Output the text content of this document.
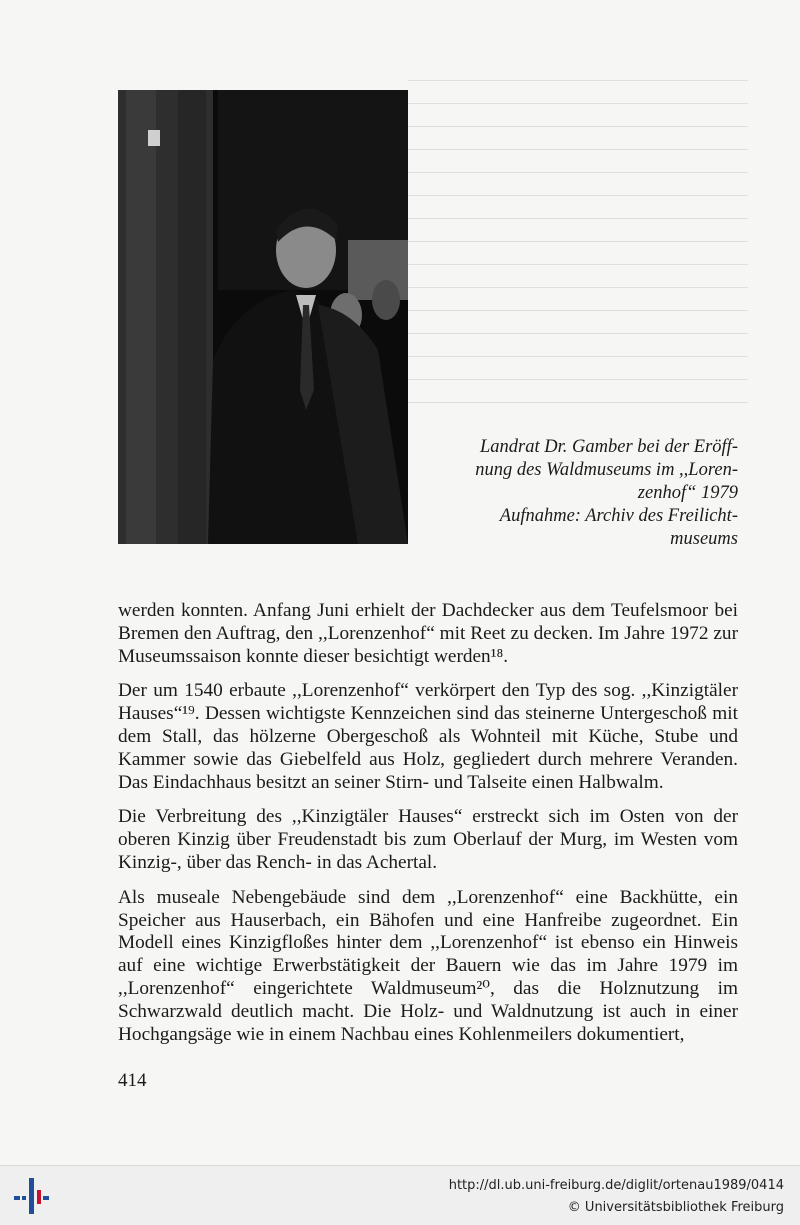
Landrat Dr. Gamber bei der Eröff-
nung des Waldmuseums im ,,Loren-
zenhof“ 1979
Aufnahme: Archiv des Freilicht-
museums

werden konnten. Anfang Juni erhielt der Dachdecker aus dem Teufelsmoor bei Bremen den Auftrag, den ,,Lorenzenhof“ mit Reet zu decken. Im Jahre 1972 zur Museumssaison konnte dieser besichtigt werden¹⁸.

Der um 1540 erbaute ,,Lorenzenhof“ verkörpert den Typ des sog. ,,Kinzigtäler Hauses“¹⁹. Dessen wichtigste Kennzeichen sind das steinerne Untergeschoß mit dem Stall, das hölzerne Obergeschoß als Wohnteil mit Küche, Stube und Kammer sowie das Giebelfeld aus Holz, gegliedert durch mehrere Veranden. Das Eindachhaus besitzt an seiner Stirn- und Talseite einen Halbwalm.

Die Verbreitung des ,,Kinzigtäler Hauses“ erstreckt sich im Osten von der oberen Kinzig über Freudenstadt bis zum Oberlauf der Murg, im Westen vom Kinzig-, über das Rench- in das Achertal.

Als museale Nebengebäude sind dem ,,Lorenzenhof“ eine Backhütte, ein Speicher aus Hauserbach, ein Bähofen und eine Hanfreibe zugeordnet. Ein Modell eines Kinzigfloßes hinter dem ,,Lorenzenhof“ ist ebenso ein Hinweis auf eine wichtige Erwerbstätigkeit der Bauern wie das im Jahre 1979 im ,,Lorenzenhof“ eingerichtete Waldmuseum²⁰, das die Holznutzung im Schwarzwald deutlich macht. Die Holz- und Waldnutzung ist auch in einer Hochgangsäge wie in einem Nachbau eines Kohlenmeilers dokumentiert,

414
http://dl.ub.uni-freiburg.de/diglit/ortenau1989/0414
© Universitätsbibliothek Freiburg
